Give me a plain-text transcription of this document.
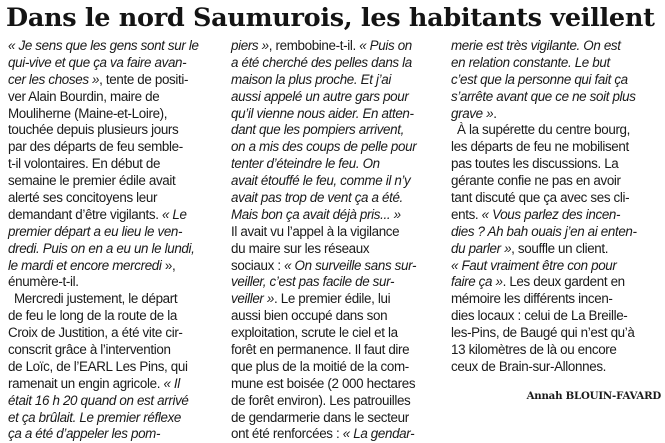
Dans le nord Saumurois, les habitants veillent
« Je sens que les gens sont sur le
qui-vive et que ça va faire avan-
cer les choses », tente de positi-
ver Alain Bourdin, maire de
Mouliherne (Maine-et-Loire),
touchée depuis plusieurs jours
par des départs de feu semble-
t-il volontaires. En début de
semaine le premier édile avait
alerté ses concitoyens leur
demandant d’être vigilants. « Le
premier départ a eu lieu le ven-
dredi. Puis on en a eu un le lundi,
le mardi et encore mercredi »,
énumère-t-il.
Mercredi justement, le départ
de feu le long de la route de la
Croix de Justition, a été vite cir-
conscrit grâce à l’intervention
de Loïc, de l’EARL Les Pins, qui
ramenait un engin agricole. « Il
était 16 h 20 quand on est arrivé
et ça brûlait. Le premier réflexe
ça a été d’appeler les pom-
piers », rembobine-t-il. « Puis on
a été cherché des pelles dans la
maison la plus proche. Et j’ai
aussi appelé un autre gars pour
qu’il vienne nous aider. En atten-
dant que les pompiers arrivent,
on a mis des coups de pelle pour
tenter d’éteindre le feu. On
avait étouffé le feu, comme il n’y
avait pas trop de vent ça a été.
Mais bon ça avait déjà pris... »
Il avait vu l’appel à la vigilance
du maire sur les réseaux
sociaux : « On surveille sans sur-
veiller, c’est pas facile de sur-
veiller ». Le premier édile, lui
aussi bien occupé dans son
exploitation, scrute le ciel et la
forêt en permanence. Il faut dire
que plus de la moitié de la com-
mune est boisée (2 000 hectares
de forêt environ). Les patrouilles
de gendarmerie dans le secteur
ont été renforcées : « La gendar-
merie est très vigilante. On est
en relation constante. Le but
c’est que la personne qui fait ça
s’arrête avant que ce ne soit plus
grave ».
À la supérette du centre bourg,
les départs de feu ne mobilisent
pas toutes les discussions. La
gérante confie ne pas en avoir
tant discuté que ça avec ses cli-
ents. « Vous parlez des incen-
dies ? Ah bah ouais j’en ai enten-
du parler », souffle un client.
« Faut vraiment être con pour
faire ça ». Les deux gardent en
mémoire les différents incen-
dies locaux : celui de La Breille-
les-Pins, de Baugé qui n’est qu’à
13 kilomètres de là ou encore
ceux de Brain-sur-Allonnes.
Annah BLOUIN-FAVARD
